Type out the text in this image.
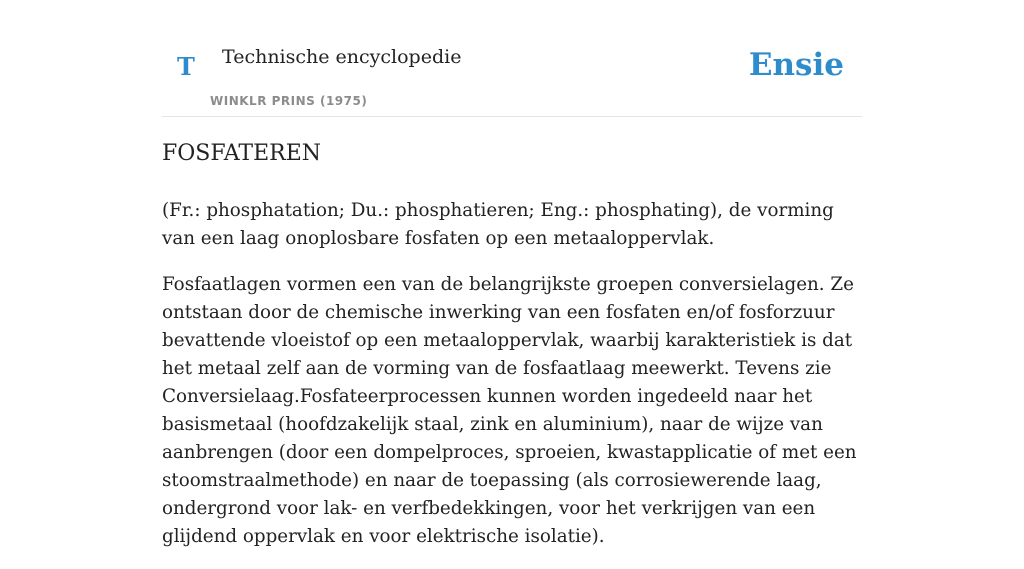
T Technische encyclopedie
WINKLR PRINS (1975)
Ensie
FOSFATEREN

(Fr.: phosphatation; Du.: phosphatieren; Eng.: phosphating), de vorming van een laag onoplosbare fosfaten op een metaaloppervlak.

Fosfaatlagen vormen een van de belangrijkste groepen conversielagen. Ze ontstaan door de chemische inwerking van een fosfaten en/of fosforzuur bevattende vloeistof op een metaaloppervlak, waarbij karakteristiek is dat het metaal zelf aan de vorming van de fosfaatlaag meewerkt. Tevens zie Conversielaag.Fosfateerprocessen kunnen worden ingedeeld naar het basismetaal (hoofdzakelijk staal, zink en aluminium), naar de wijze van aanbrengen (door een dompelproces, sproeien, kwastapplicatie of met een stoomstraalmethode) en naar de toepassing (als corrosiewerende laag, ondergrond voor lak- en verfbedekkingen, voor het verkrijgen van een glijdend oppervlak en voor elektrische isolatie).
